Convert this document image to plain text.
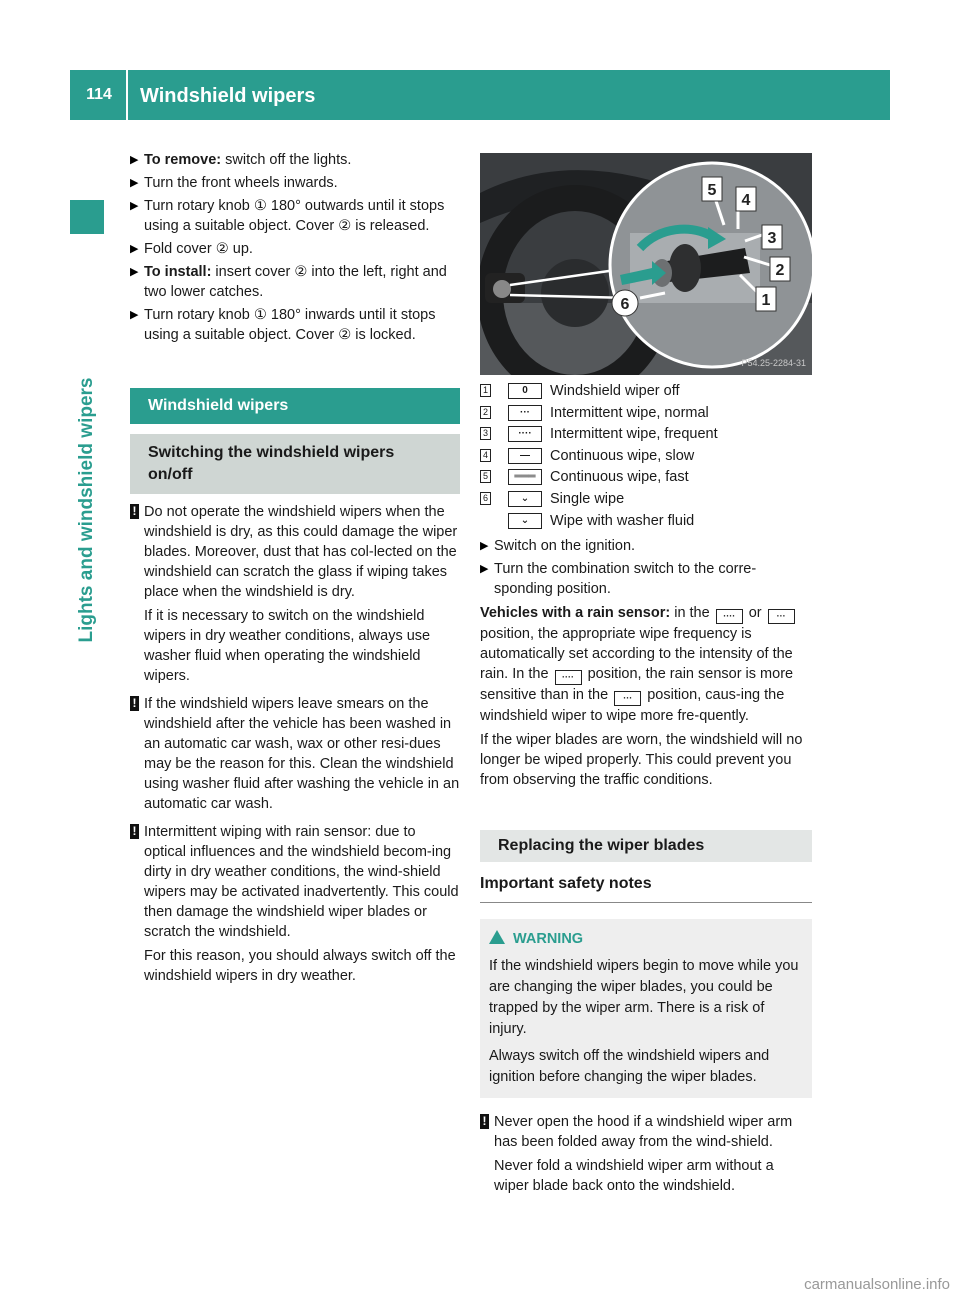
114	Windshield wipers
Lights and windshield wipers
▶ To remove: switch off the lights.
▶ Turn the front wheels inwards.
▶ Turn rotary knob ① 180° outwards until it stops using a suitable object. Cover ② is released.
▶ Fold cover ② up.
▶ To install: insert cover ② into the left, right and two lower catches.
▶ Turn rotary knob ① 180° inwards until it stops using a suitable object. Cover ② is locked.
Windshield wipers
Switching the windshield wipers on/off
! Do not operate the windshield wipers when the windshield is dry, as this could damage the wiper blades. Moreover, dust that has col-lected on the windshield can scratch the glass if wiping takes place when the windshield is dry.

If it is necessary to switch on the windshield wipers in dry weather conditions, always use washer fluid when operating the windshield wipers.

! If the windshield wipers leave smears on the windshield after the vehicle has been washed in an automatic car wash, wax or other resi-dues may be the reason for this. Clean the windshield using washer fluid after washing the vehicle in an automatic car wash.

! Intermittent wiping with rain sensor: due to optical influences and the windshield becom-ing dirty in dry weather conditions, the wind-shield wipers may be activated inadvertently. This could then damage the windshield wiper blades or scratch the windshield.

For this reason, you should always switch off the windshield wipers in dry weather.

1
2
3
4
5
6
P54.25-2284-31
1	0	Windshield wiper off
2	···	Intermittent wipe, normal
3	····	Intermittent wipe, frequent
4	—	Continuous wipe, slow
5	═══ Continuous wipe, fast
6	⌄	Single wipe
⌄	Wipe with washer fluid
▶ Switch on the ignition.
▶ Turn the combination switch to the corre-sponding position.

Vehicles with a rain sensor: in the ···· or ··· position, the appropriate wipe frequency is automatically set according to the intensity of the rain. In the ···· position, the rain sensor is more sensitive than in the ··· position, caus-ing the windshield wiper to wipe more fre-quently.

If the wiper blades are worn, the windshield will no longer be wiped properly. This could prevent you from observing the traffic conditions.

Replacing the wiper blades
Important safety notes
WARNING

If the windshield wipers begin to move while you are changing the wiper blades, you could be trapped by the wiper arm. There is a risk of injury.

Always switch off the windshield wipers and ignition before changing the wiper blades.

! Never open the hood if a windshield wiper arm has been folded away from the wind-shield.

Never fold a windshield wiper arm without a wiper blade back onto the windshield.

carmanualsonline.info
